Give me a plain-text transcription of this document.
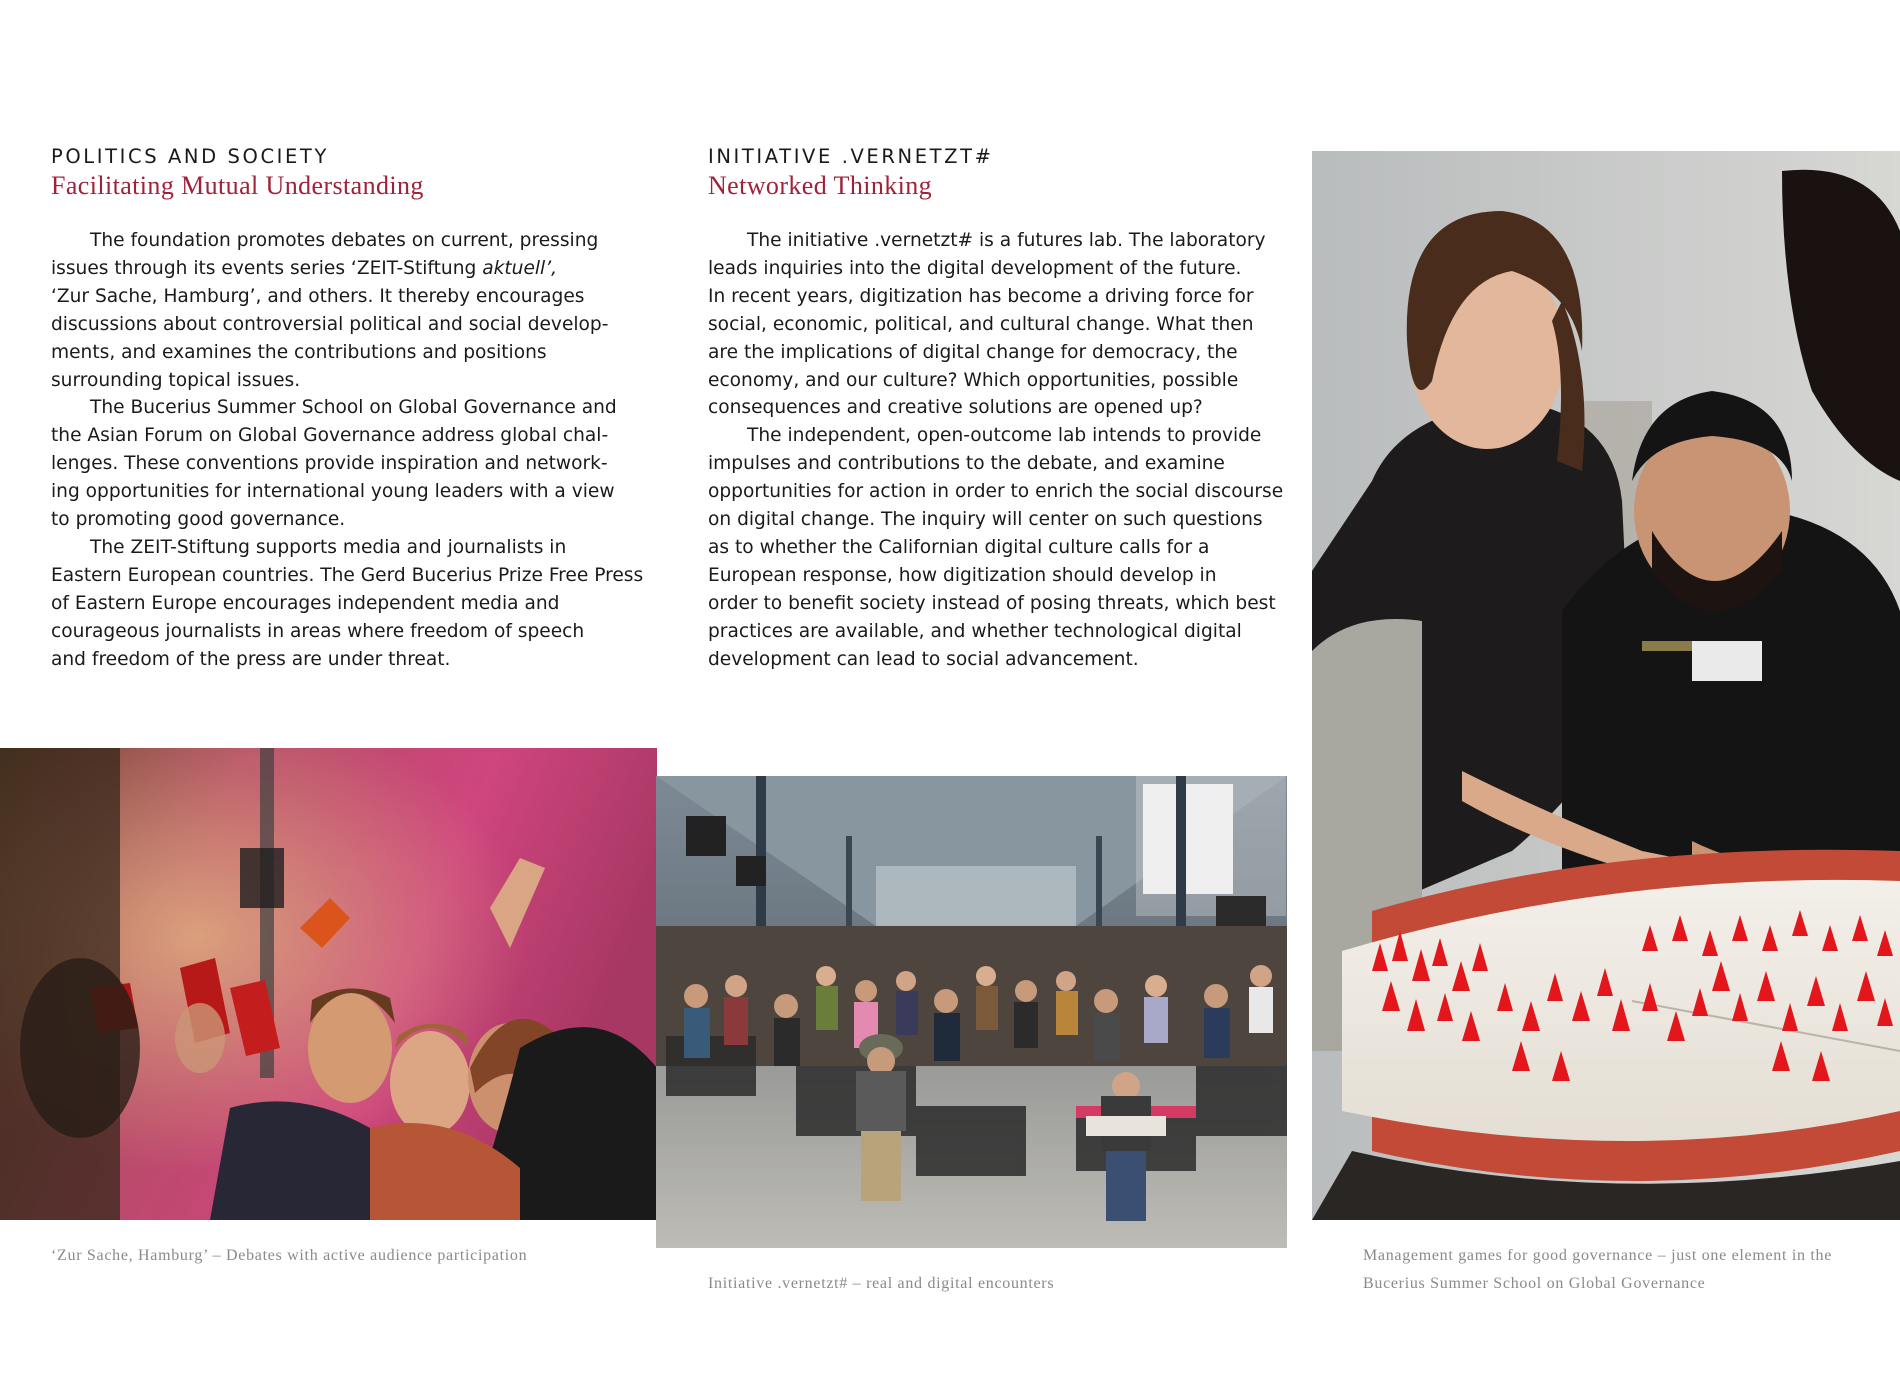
POLITICS AND SOCIETY
Facilitating Mutual Understanding
The foundation promotes debates on current, pressing
issues through its events series ‘ZEIT-Stiftung aktuell’,
‘Zur Sache, Hamburg’, and others. It thereby encourages
discussions about controversial political and social develop-
ments, and examines the contributions and positions
surrounding topical issues.
The Bucerius Summer School on Global Governance and
the Asian Forum on Global Governance address global chal-
lenges. These conventions provide inspiration and network-
ing opportunities for international young leaders with a view
to promoting good governance.
The ZEIT-Stiftung supports media and journalists in
Eastern European countries. The Gerd Bucerius Prize Free Press
of Eastern Europe encourages independent media and
courageous journalists in areas where freedom of speech
and freedom of the press are under threat.
INITIATIVE .VERNETZT#
Networked Thinking
The initiative .vernetzt# is a futures lab. The laboratory
leads inquiries into the digital development of the future.
In recent years, digitization has become a driving force for
social, economic, political, and cultural change. What then
are the implications of digital change for democracy, the
economy, and our culture? Which opportunities, possible
consequences and creative solutions are opened up?
The independent, open-outcome lab intends to provide
impulses and contributions to the debate, and examine
opportunities for action in order to enrich the social discourse
on digital change. The inquiry will center on such questions
as to whether the Californian digital culture calls for a
European response, how digitization should develop in
order to benefit society instead of posing threats, which best
practices are available, and whether technological digital
development can lead to social advancement.
‘Zur Sache, Hamburg’ – Debates with active audience participation
Initiative .vernetzt# – real and digital encounters
Management games for good governance – just one element in the
Bucerius Summer School on Global Governance
